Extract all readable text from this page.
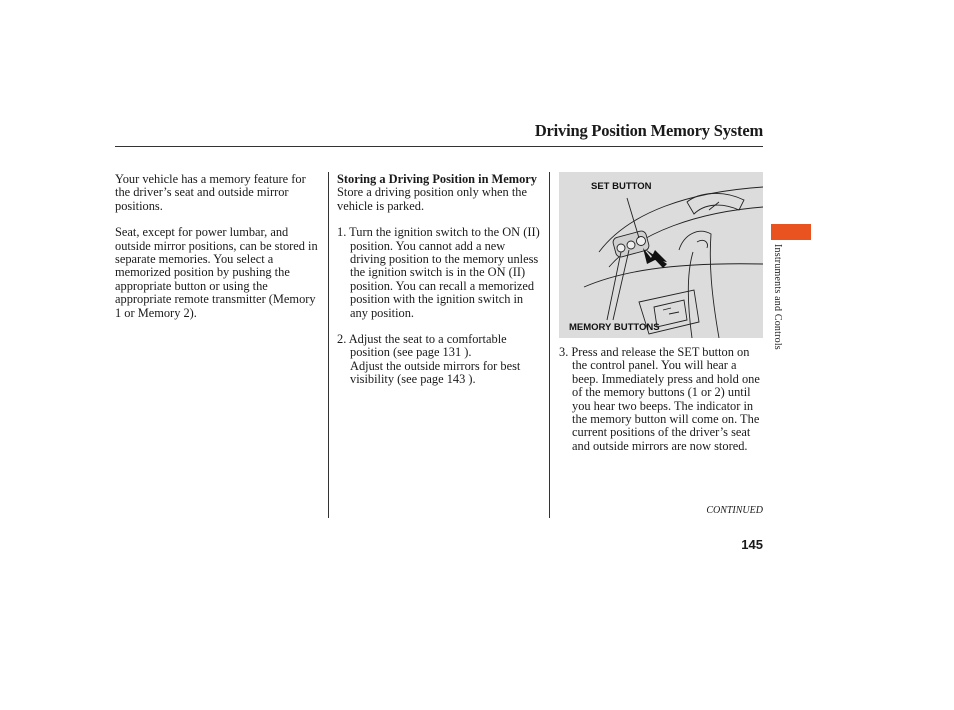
Driving Position Memory System

Your vehicle has a memory feature for the driver’s seat and outside mirror positions.

Seat, except for power lumbar, and outside mirror positions, can be stored in separate memories. You select a memorized position by pushing the appropriate button or using the appropriate remote transmitter (Memory 1 or Memory 2).

Storing a Driving Position in Memory

Store a driving position only when the vehicle is parked.

1. Turn the ignition switch to the ON (II) position. You cannot add a new driving position to the memory unless the ignition switch is in the ON (II) position. You can recall a memorized position with the ignition switch in any position.

2. Adjust the seat to a comfortable position (see page 131 ).

Adjust the outside mirrors for best visibility (see page 143 ).

SET BUTTON
MEMORY BUTTONS

3. Press and release the SET button on the control panel. You will hear a beep. Immediately press and hold one of the memory buttons (1 or 2) until you hear two beeps. The indicator in the memory button will come on. The current positions of the driver’s seat and outside mirrors are now stored.

Instruments and Controls
CONTINUED
145
